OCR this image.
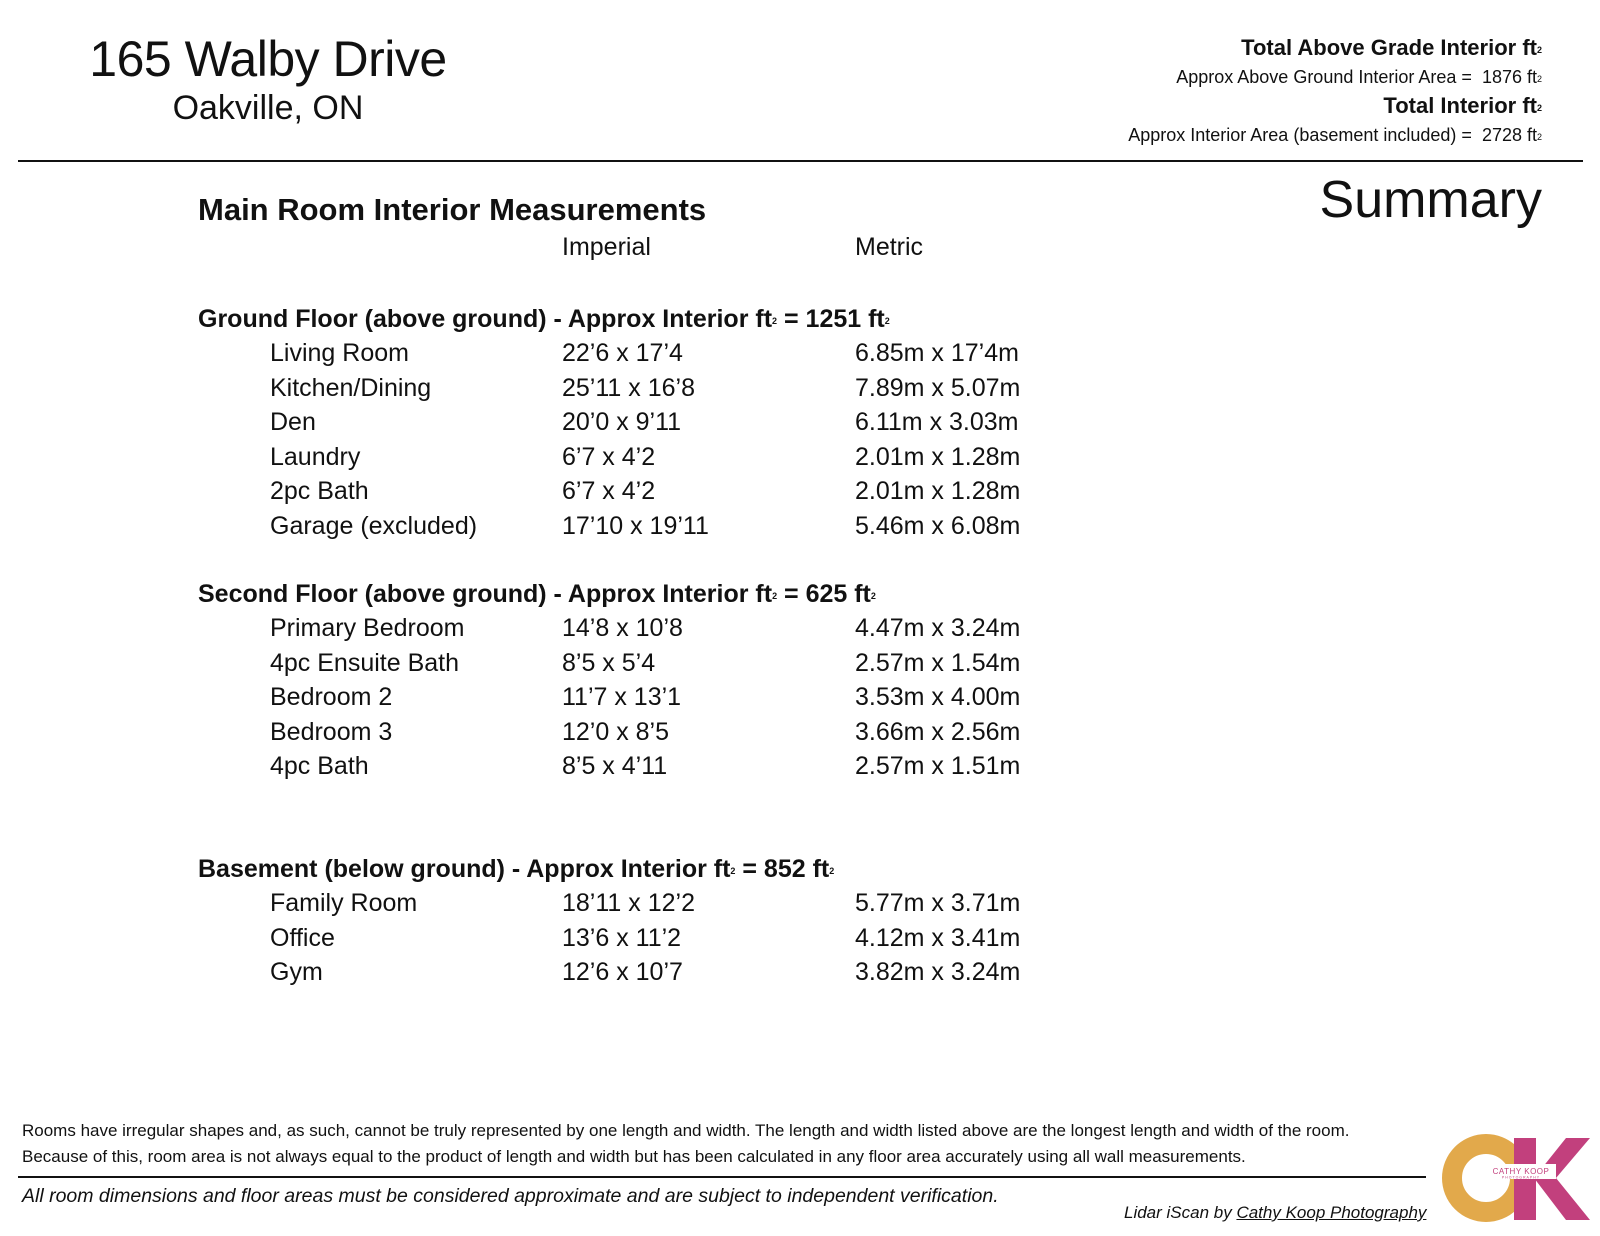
165 Walby Drive
Oakville, ON
Total Above Grade Interior $ft^2$
Approx Above Ground Interior Area = 1876 $ft^2$
Total Interior $ft^2$
Approx Interior Area (basement included) = 2728 $ft^2$
Summary
Main Room Interior Measurements
Imperial	Metric
Ground Floor (above ground) - Approx Interior $ft^2 = 1251$ $ft^2$
Living Room	22’6 x 17’4	6.85m x 17’4m
Kitchen/Dining	25’11 x 16’8	7.89m x 5.07m
Den	20’0 x 9’11	6.11m x 3.03m
Laundry	6’7 x 4’2	2.01m x 1.28m
2pc Bath	6’7 x 4’2	2.01m x 1.28m
Garage (excluded)	17’10 x 19’11	5.46m x 6.08m
Second Floor (above ground) - Approx Interior $ft^2 = 625$ $ft^2$
Primary Bedroom	14’8 x 10’8	4.47m x 3.24m
4pc Ensuite Bath	8’5 x 5’4	2.57m x 1.54m
Bedroom 2	11’7 x 13’1	3.53m x 4.00m
Bedroom 3	12’0 x 8’5	3.66m x 2.56m
4pc Bath	8’5 x 4’11	2.57m x 1.51m
Basement (below ground) - Approx Interior $ft^2 = 852$ $ft^2$
Family Room	18’11 x 12’2	5.77m x 3.71m
Office	13’6 x 11’2	4.12m x 3.41m
Gym	12’6 x 10’7	3.82m x 3.24m
Rooms have irregular shapes and, as such, cannot be truly represented by one length and width. The length and width listed above are the longest length and width of the room.
Because of this, room area is not always equal to the product of length and width but has been calculated in any floor area accurately using all wall measurements.
All room dimensions and floor areas must be considered approximate and are subject to independent verification.
Lidar iScan by Cathy Koop Photography
CATHY KOOP
PHOTOGRAPHY
